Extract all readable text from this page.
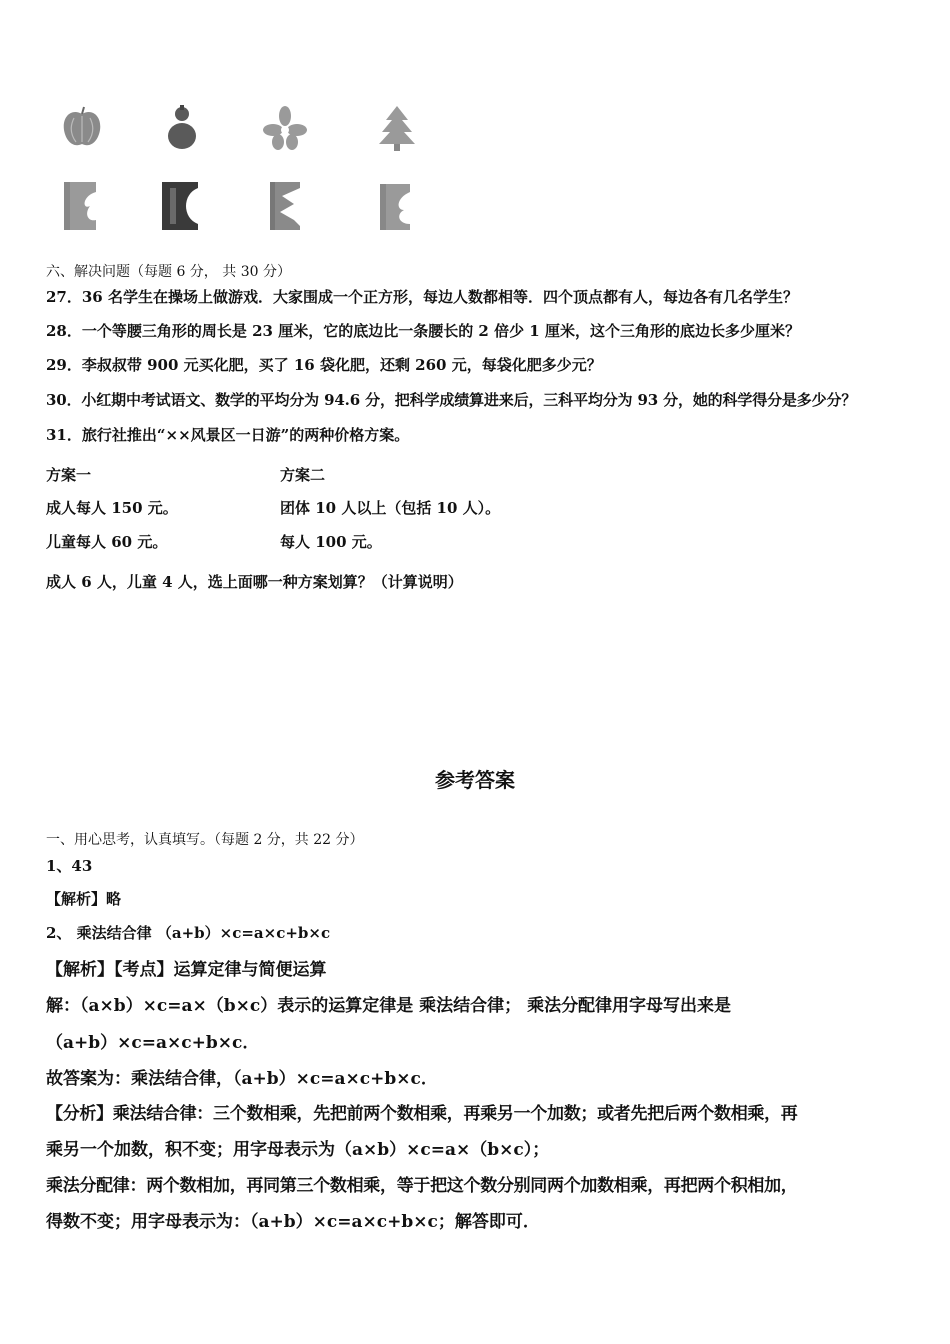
六、解决问题（每题 6 分， 共 30 分）
27．36 名学生在操场上做游戏．大家围成一个正方形，每边人数都相等．四个顶点都有人，每边各有几名学生？
28．一个等腰三角形的周长是 23 厘米，它的底边比一条腰长的 2 倍少 1 厘米，这个三角形的底边长多少厘米？
29．李叔叔带 900 元买化肥，买了 16 袋化肥，还剩 260 元，每袋化肥多少元？
30．小红期中考试语文、数学的平均分为 94.6 分，把科学成绩算进来后，三科平均分为 93 分，她的科学得分是多少分？
31．旅行社推出“××风景区一日游”的两种价格方案。
方案一	方案二
成人每人 150 元。	团体 10 人以上（包括 10 人）。
儿童每人 60 元。	每人 100 元。
成人 6 人，儿童 4 人，选上面哪一种方案划算？（计算说明）
参考答案
一、用心思考，认真填写。（每题 2 分，共 22 分）
1、43
【解析】略
2、 乘法结合律 （a+b）×c=a×c+b×c
【解析】【考点】运算定律与简便运算
解：（a×b）×c=a×（b×c）表示的运算定律是 乘法结合律； 乘法分配律用字母写出来是
（a+b）×c=a×c+b×c．
故答案为：乘法结合律，（a+b）×c=a×c+b×c．
【分析】乘法结合律：三个数相乘，先把前两个数相乘，再乘另一个加数；或者先把后两个数相乘，再
乘另一个加数，积不变；用字母表示为（a×b）×c=a×（b×c）；
乘法分配律：两个数相加，再同第三个数相乘，等于把这个数分别同两个加数相乘，再把两个积相加，
得数不变；用字母表示为：（a+b）×c=a×c+b×c；解答即可．
